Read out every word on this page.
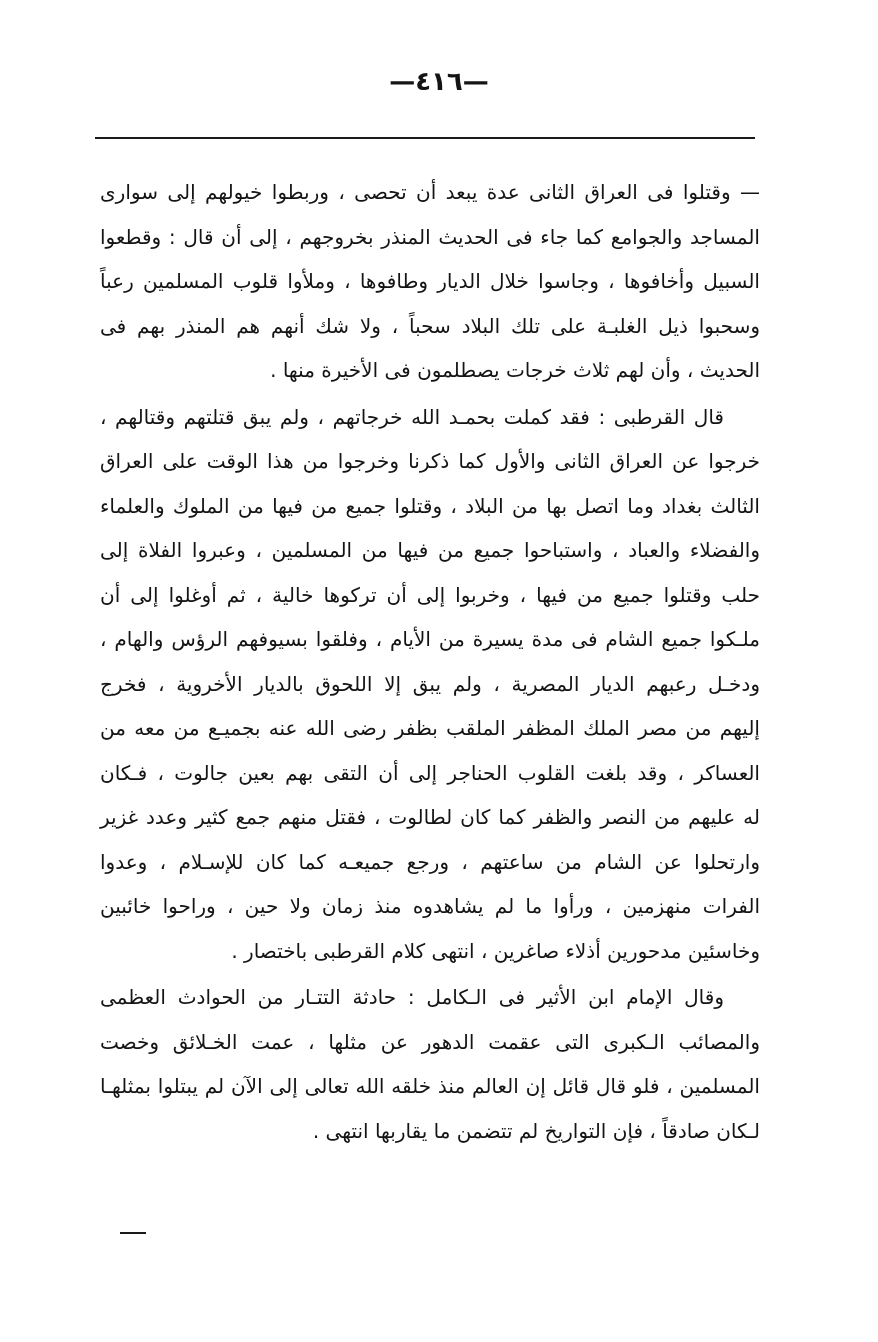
—٤١٦—
— وقتلوا فى العراق الثانى عدة يبعد أن تحصى ، وربطوا خيولهم إلى سوارى
المساجد والجوامع كما جاء فى الحديث المنذر بخروجهم ، إلى أن قال : وقطعوا
السبيل وأخافوها ، وجاسوا خلال الديار وطافوها ، وملأوا قلوب المسلمين رعباً
وسحبوا ذيل الغلبـة على تلك البلاد سحباً ، ولا شك أنهم هم المنذر بهم فى
الحديث ، وأن لهم ثلاث خرجات يصطلمون فى الأخيرة منها .
قال القرطبى : فقد كملت بحمـد الله خرجاتهم ، ولم يبق قتلتهم وقتالهم ،
خرجوا عن العراق الثانى والأول كما ذكرنا وخرجوا من هذا الوقت على العراق
الثالث بغداد وما اتصل بها من البلاد ، وقتلوا جميع من فيها من الملوك والعلماء
والفضلاء والعباد ، واستباحوا جميع من فيها من المسلمين ، وعبروا الفلاة إلى
حلب وقتلوا جميع من فيها ، وخربوا إلى أن تركوها خالية ، ثم أوغلوا إلى أن
ملـكوا جميع الشام فى مدة يسيرة من الأيام ، وفلقوا بسيوفهم الرؤس والهام ،
ودخـل رعبهم الديار المصرية ، ولم يبق إلا اللحوق بالديار الأخروية ، فخرج
إليهم من مصر الملك المظفر الملقب بظفر رضى الله عنه بجميـع من معه من
العساكر ، وقد بلغت القلوب الحناجر إلى أن التقى بهم بعين جالوت ، فـكان
له عليهم من النصر والظفر كما كان لطالوت ، فقتل منهم جمع كثير وعدد غزير
وارتحلوا عن الشام من ساعتهم ، ورجع جميعـه كما كان للإسـلام ، وعدوا
الفرات منهزمين ، ورأوا ما لم يشاهدوه منذ زمان ولا حين ، وراحوا خائبين
وخاسئين مدحورين أذلاء صاغرين ، انتهى كلام القرطبى باختصار .
وقال الإمام ابن الأثير فى الـكامل : حادثة التتـار من الحوادث العظمى
والمصائب الـكبرى التى عقمت الدهور عن مثلها ، عمت الخـلائق وخصت
المسلمين ، فلو قال قائل إن العالم منذ خلقه الله تعالى إلى الآن لم يبتلوا بمثلهـا
لـكان صادقاً ، فإن التواريخ لم تتضمن ما يقاربها انتهى .
